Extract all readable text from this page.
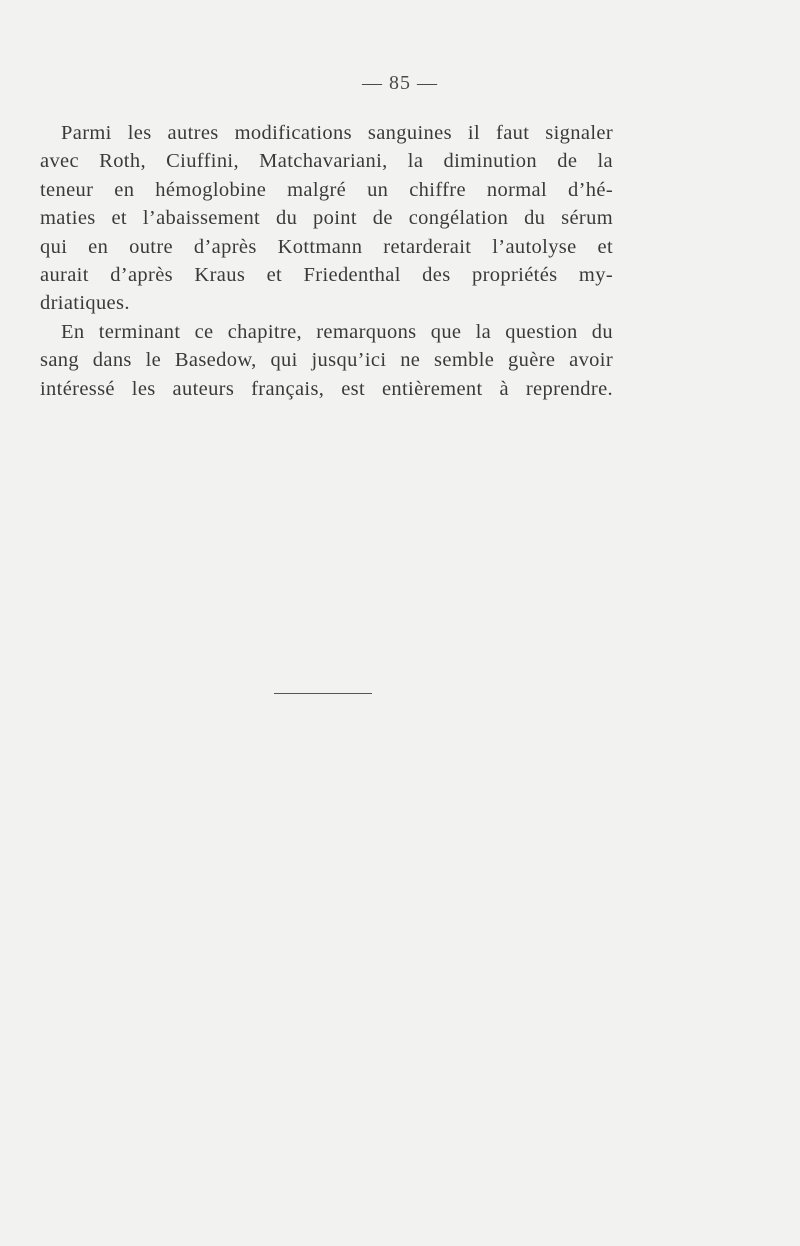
— 85 —
Parmi les autres modifications sanguines il faut signaler
avec Roth, Ciuffini, Matchavariani, la diminution de la
teneur en hémoglobine malgré un chiffre normal d’hé-
maties et l’abaissement du point de congélation du sérum
qui en outre d’après Kottmann retarderait l’autolyse et
aurait d’après Kraus et Friedenthal des propriétés my-
driatiques.
En terminant ce chapitre, remarquons que la question du
sang dans le Basedow, qui jusqu’ici ne semble guère avoir
intéressé les auteurs français, est entièrement à reprendre.
